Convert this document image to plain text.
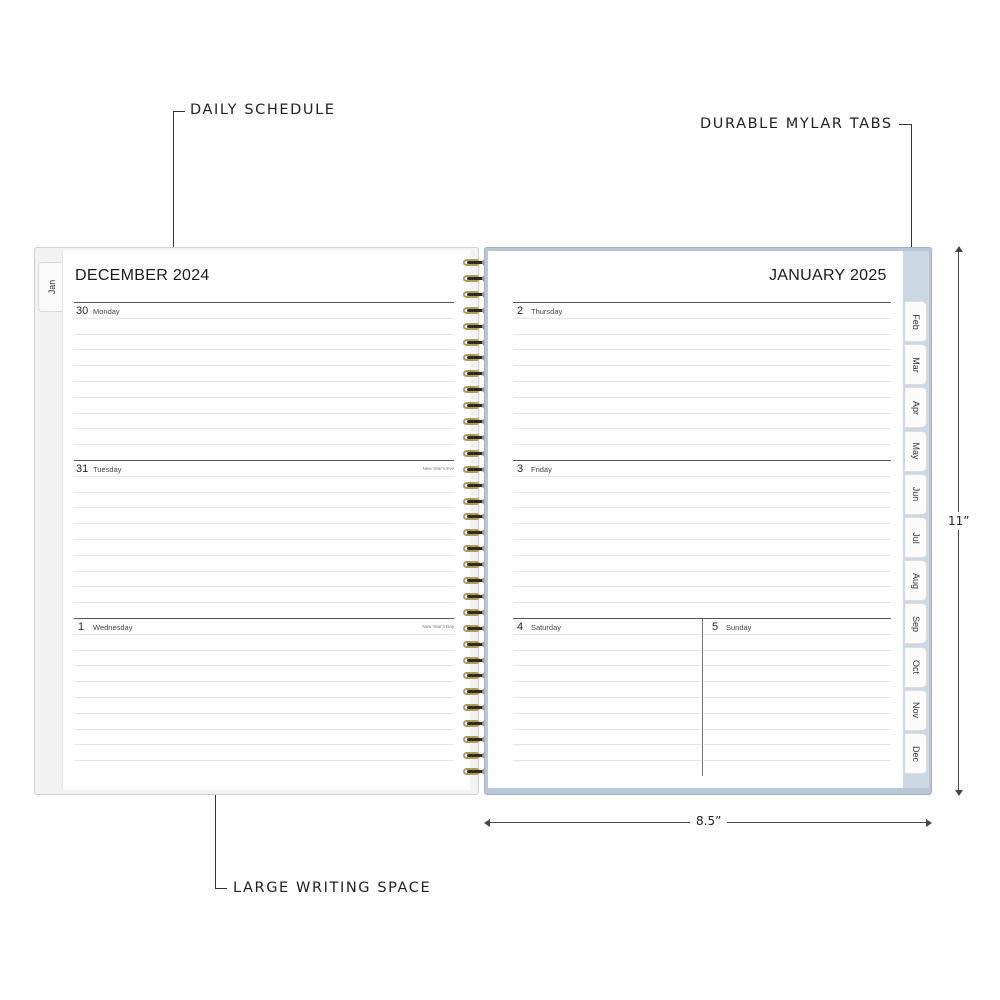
DAILY SCHEDULE
DURABLE MYLAR TABS
LARGE WRITING SPACE
Jan
DECEMBER 2024
30 Monday
31 Tuesday	New Year's Eve
1 Wednesday	New Year's Day
JANUARY 2025
2 Thursday
3 Friday
4 Saturday	5 Sunday
Feb
Mar
Apr
May
Jun
Jul
Aug
Sep
Oct
Nov
Dec
11”
8.5”
